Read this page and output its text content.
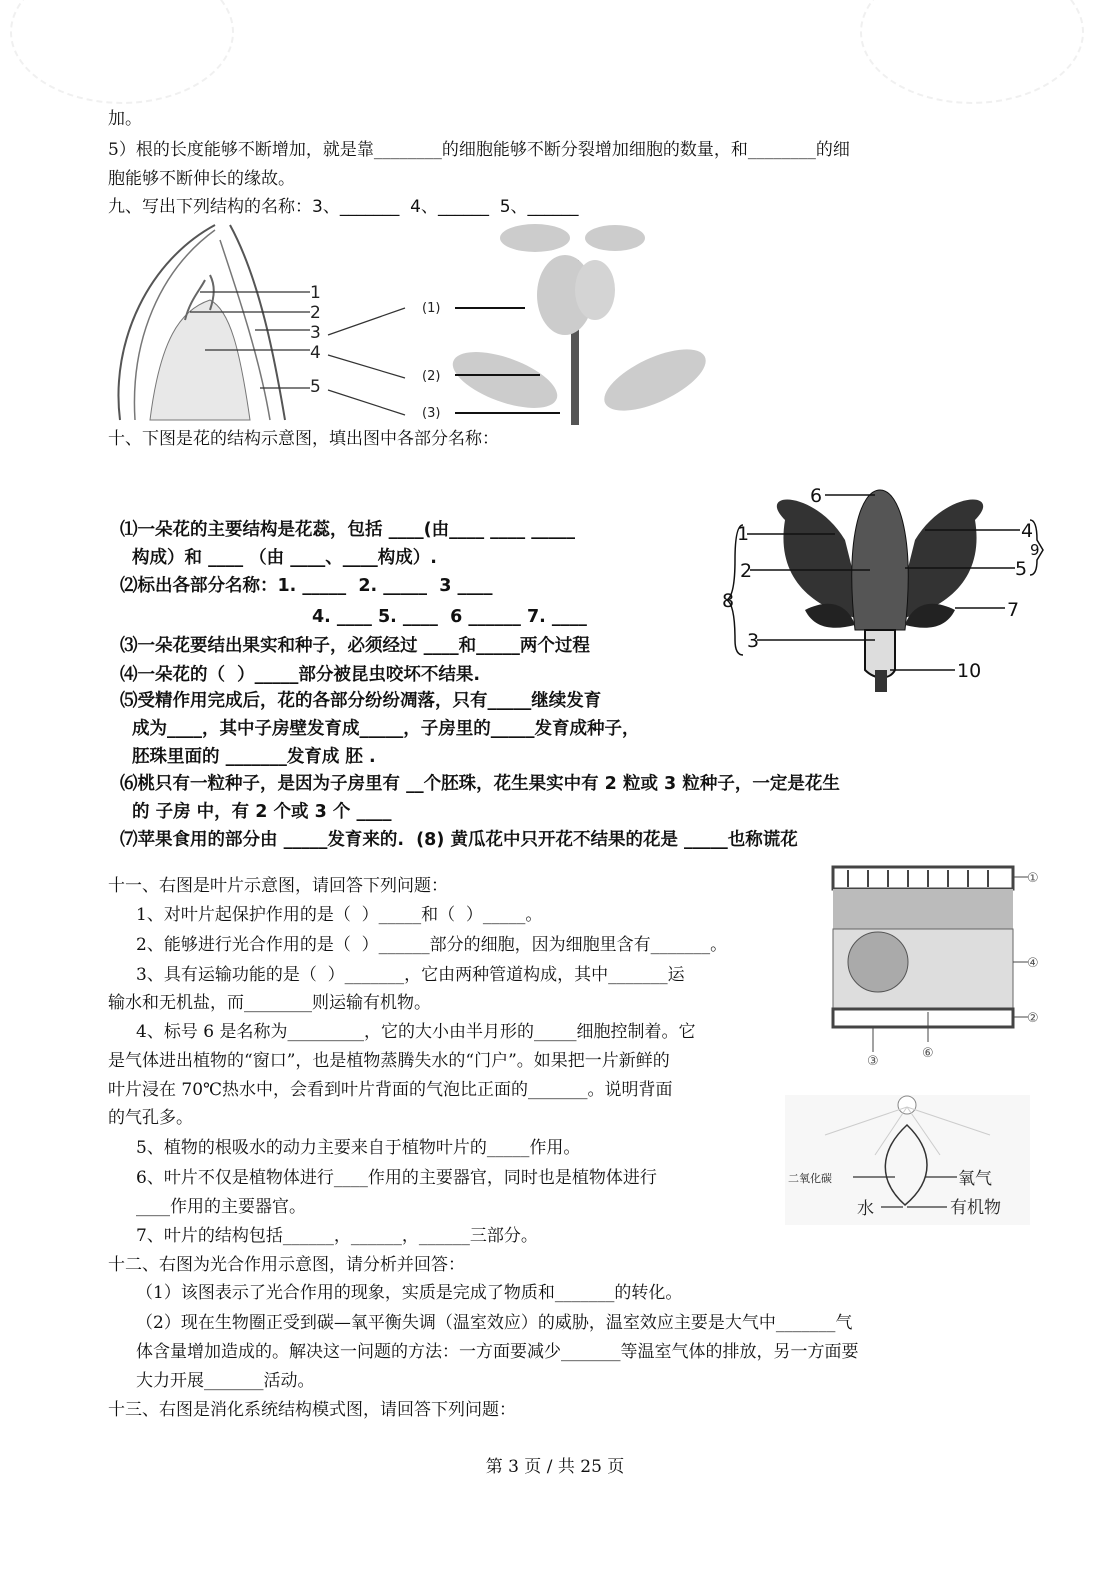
加。
5）根的长度能够不断增加，就是靠________的细胞能够不断分裂增加细胞的数量，和________的细
胞能够不断伸长的缘故。
九、写出下列结构的名称：3、_______  4、______  5、______
1
2
3
4
5
(1)
(2)
(3)
十、下图是花的结构示意图，填出图中各部分名称：
⑴一朵花的主要结构是花蕊，包括 ____(由____ ____ _____
构成）和 ____ （由 ____、____构成）.
⑵标出各部分名称：1. _____  2. _____  3 ____
4. ____ 5. ____  6 ______ 7. ____
⑶一朵花要结出果实和种子，必须经过 ____和_____两个过程
⑷一朵花的（  ）_____部分被昆虫咬坏不结果.
⑸受精作用完成后，花的各部分纷纷凋落，只有_____继续发育
成为____，其中子房壁发育成_____，子房里的_____发育成种子，
胚珠里面的 _______发育成 胚 .
⑹桃只有一粒种子，是因为子房里有 __个胚珠，花生果实中有 2 粒或 3 粒种子，一定是花生
的 子房 中，有 2 个或 3 个 ____
⑺苹果食用的部分由 _____发育来的.  (8) 黄瓜花中只开花不结果的花是 _____也称谎花
1
2
3
4
5
6
7
8
9
10
十一、右图是叶片示意图，请回答下列问题：
1、对叶片起保护作用的是（  ）_____和（  ）_____。
2、能够进行光合作用的是（  ）______部分的细胞，因为细胞里含有_______。
3、具有运输功能的是（  ）_______，它由两种管道构成，其中_______运
输水和无机盐，而________则运输有机物。
4、标号 6 是名称为_________，它的大小由半月形的_____细胞控制着。它
是气体进出植物的“窗口”，也是植物蒸腾失水的“门户”。如果把一片新鲜的
叶片浸在 70℃热水中，会看到叶片背面的气泡比正面的_______。说明背面
的气孔多。
5、植物的根吸水的动力主要来自于植物叶片的_____作用。
6、叶片不仅是植物体进行____作用的主要器官，同时也是植物体进行
____作用的主要器官。
7、叶片的结构包括______，______，______三部分。
①
②
③
④
⑥
二氧化碳	氧气
水	有机物
十二、右图为光合作用示意图，请分析并回答：
（1）该图表示了光合作用的现象，实质是完成了物质和_______的转化。
（2）现在生物圈正受到碳—氧平衡失调（温室效应）的威胁，温室效应主要是大气中_______气
体含量增加造成的。解决这一问题的方法：一方面要减少_______等温室气体的排放，另一方面要
大力开展_______活动。
十三、右图是消化系统结构模式图，请回答下列问题：
第 3 页 / 共 25 页
